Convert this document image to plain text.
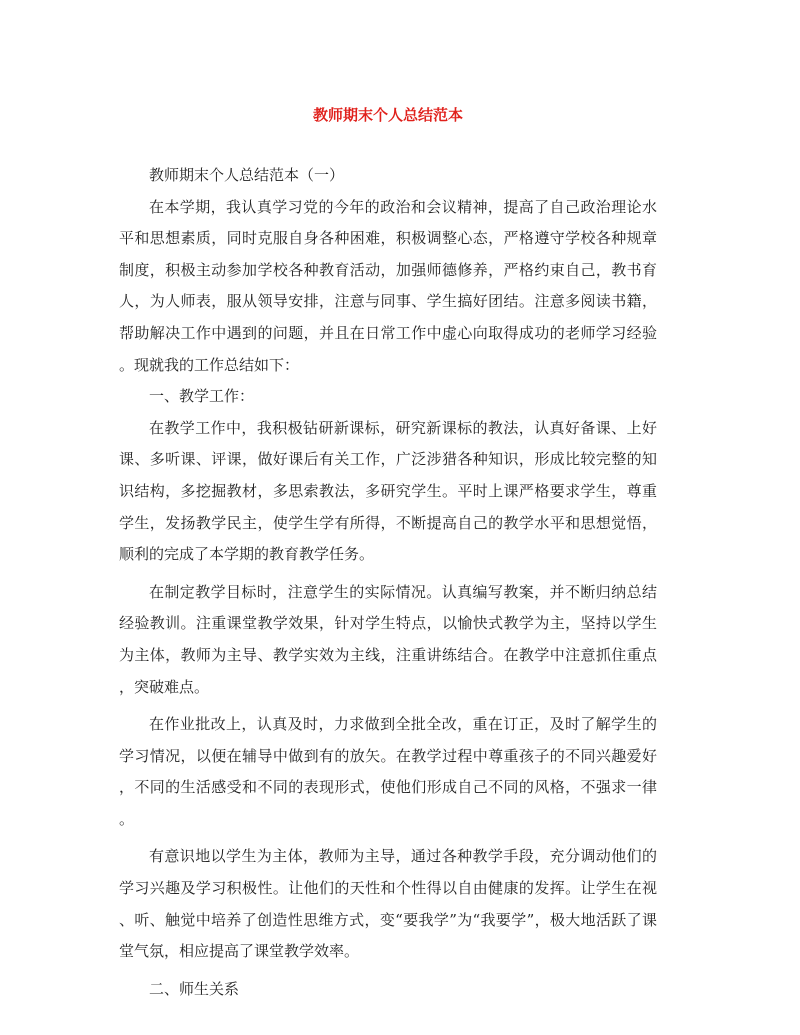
教师期末个人总结范本

教师期末个人总结范本（一）

在本学期，我认真学习党的今年的政治和会议精神，提高了自己政治理论水平和思想素质，同时克服自身各种困难，积极调整心态，严格遵守学校各种规章制度，积极主动参加学校各种教育活动，加强师德修养，严格约束自己，教书育人，为人师表，服从领导安排，注意与同事、学生搞好团结。注意多阅读书籍，帮助解决工作中遇到的问题，并且在日常工作中虚心向取得成功的老师学习经验。现就我的工作总结如下：

一、教学工作：

在教学工作中，我积极钻研新课标，研究新课标的教法，认真好备课、上好课、多听课、评课，做好课后有关工作，广泛涉猎各种知识，形成比较完整的知识结构，多挖掘教材，多思索教法，多研究学生。平时上课严格要求学生，尊重学生，发扬教学民主，使学生学有所得，不断提高自己的教学水平和思想觉悟，顺利的完成了本学期的教育教学任务。

在制定教学目标时，注意学生的实际情况。认真编写教案，并不断归纳总结经验教训。注重课堂教学效果，针对学生特点，以愉快式教学为主，坚持以学生为主体，教师为主导、教学实效为主线，注重讲练结合。在教学中注意抓住重点，突破难点。

在作业批改上，认真及时，力求做到全批全改，重在订正，及时了解学生的学习情况，以便在辅导中做到有的放矢。在教学过程中尊重孩子的不同兴趣爱好，不同的生活感受和不同的表现形式，使他们形成自己不同的风格，不强求一律。

有意识地以学生为主体，教师为主导，通过各种教学手段，充分调动他们的学习兴趣及学习积极性。让他们的天性和个性得以自由健康的发挥。让学生在视、听、触觉中培养了创造性思维方式，变“要我学”为“我要学”，极大地活跃了课堂气氛，相应提高了课堂教学效率。

二、师生关系
